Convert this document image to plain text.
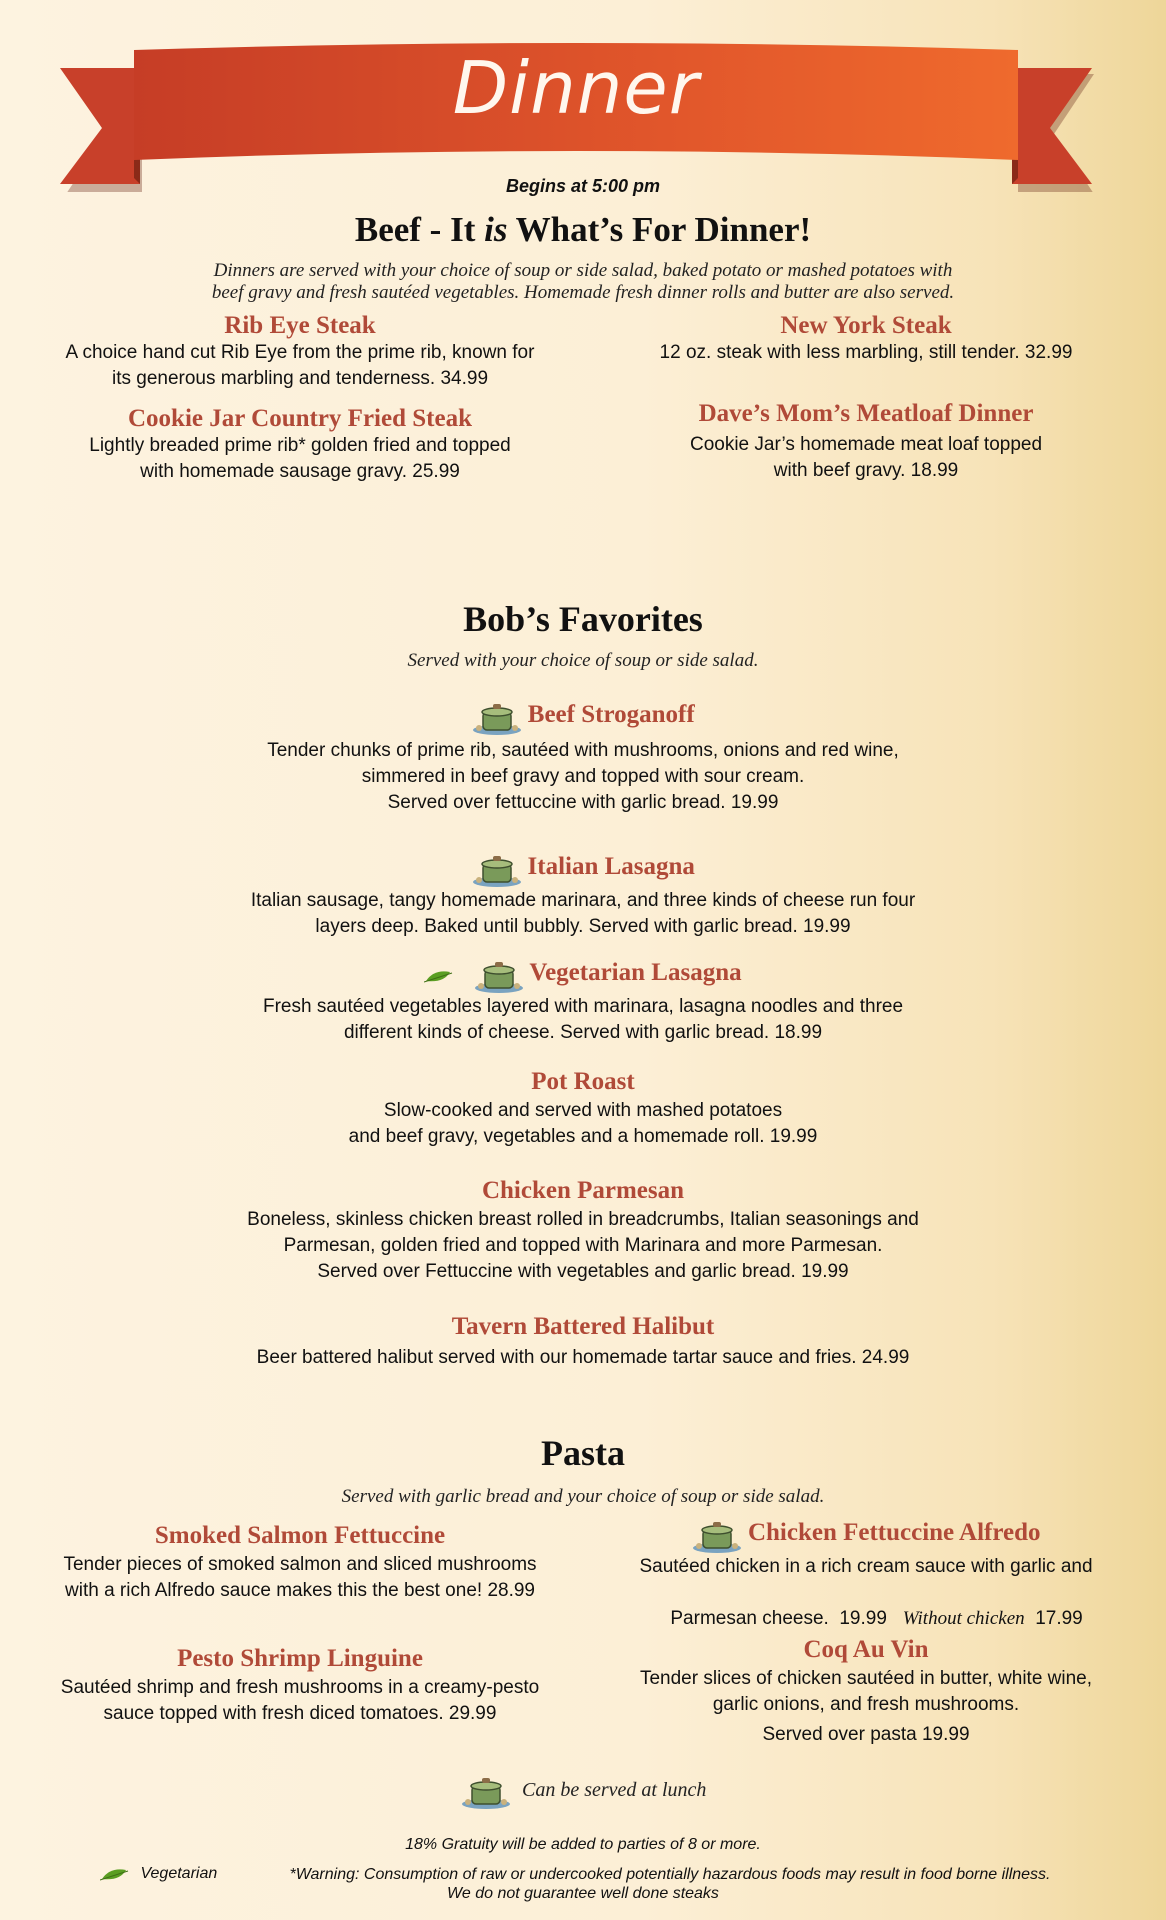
Dinner
Begins at 5:00 pm
Beef - It is What’s For Dinner!
Dinners are served with your choice of soup or side salad, baked potato or mashed potatoes with
beef gravy and fresh sautéed vegetables. Homemade fresh dinner rolls and butter are also served.
Rib Eye Steak
A choice hand cut Rib Eye from the prime rib, known for
its generous marbling and tenderness. 34.99
New York Steak
12 oz. steak with less marbling, still tender. 32.99
Cookie Jar Country Fried Steak
Lightly breaded prime rib* golden fried and topped
with homemade sausage gravy. 25.99
Dave’s Mom’s Meatloaf Dinner
Cookie Jar’s homemade meat loaf topped
with beef gravy. 18.99
Bob’s Favorites
Served with your choice of soup or side salad.
Beef Stroganoff
Tender chunks of prime rib, sautéed with mushrooms, onions and red wine,
simmered in beef gravy and topped with sour cream.
Served over fettuccine with garlic bread. 19.99
Italian Lasagna
Italian sausage, tangy homemade marinara, and three kinds of cheese run four
layers deep. Baked until bubbly. Served with garlic bread. 19.99
Vegetarian Lasagna
Fresh sautéed vegetables layered with marinara, lasagna noodles and three
different kinds of cheese. Served with garlic bread. 18.99
Pot Roast
Slow-cooked and served with mashed potatoes
and beef gravy, vegetables and a homemade roll. 19.99
Chicken Parmesan
Boneless, skinless chicken breast rolled in breadcrumbs, Italian seasonings and
Parmesan, golden fried and topped with Marinara and more Parmesan.
Served over Fettuccine with vegetables and garlic bread. 19.99
Tavern Battered Halibut
Beer battered halibut served with our homemade tartar sauce and fries. 24.99
Pasta
Served with garlic bread and your choice of soup or side salad.
Smoked Salmon Fettuccine
Tender pieces of smoked salmon and sliced mushrooms
with a rich Alfredo sauce makes this the best one! 28.99
Chicken Fettuccine Alfredo
Sautéed chicken in a rich cream sauce with garlic and

Parmesan cheese.  19.99   Without chicken  17.99

Pesto Shrimp Linguine
Sautéed shrimp and fresh mushrooms in a creamy-pesto
sauce topped with fresh diced tomatoes. 29.99
Coq Au Vin
Tender slices of chicken sautéed in butter, white wine,
garlic onions, and fresh mushrooms.
Served over pasta 19.99
Can be served at lunch
18% Gratuity will be added to parties of 8 or more.
Vegetarian	*Warning: Consumption of raw or undercooked potentially hazardous foods may result in food borne illness.
We do not guarantee well done steaks
